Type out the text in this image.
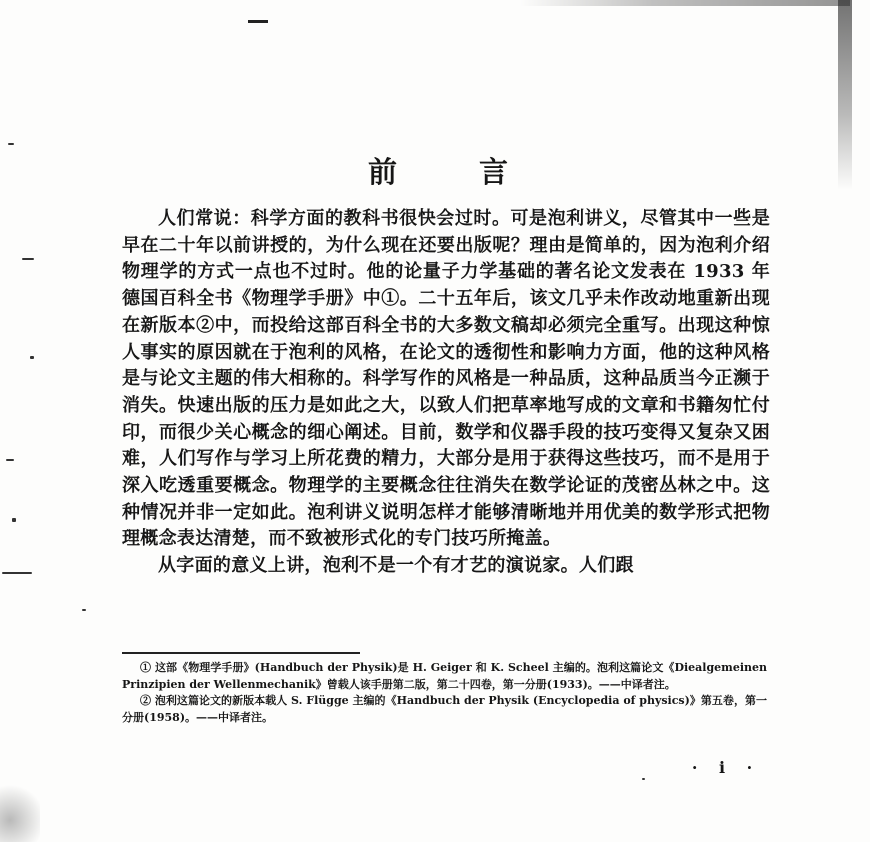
前	言

人们常说：科学方面的教科书很快会过时。可是泡利讲义，尽管其中一些是早在二十年以前讲授的，为什么现在还要出版呢？理由是简单的，因为泡利介绍物理学的方式一点也不过时。他的论量子力学基础的著名论文发表在 1933 年德国百科全书《物理学手册》中①。二十五年后，该文几乎未作改动地重新出现在新版本②中，而投给这部百科全书的大多数文稿却必须完全重写。出现这种惊人事实的原因就在于泡利的风格，在论文的透彻性和影响力方面，他的这种风格是与论文主题的伟大相称的。科学写作的风格是一种品质，这种品质当今正濒于消失。快速出版的压力是如此之大，以致人们把草率地写成的文章和书籍匆忙付印，而很少关心概念的细心阐述。目前，数学和仪器手段的技巧变得又复杂又困难，人们写作与学习上所花费的精力，大部分是用于获得这些技巧，而不是用于深入吃透重要概念。物理学的主要概念往往消失在数学论证的茂密丛林之中。这种情况并非一定如此。泡利讲义说明怎样才能够清晰地并用优美的数学形式把物理概念表达清楚，而不致被形式化的专门技巧所掩盖。

从字面的意义上讲，泡利不是一个有才艺的演说家。人们跟

① 这部《物理学手册》(Handbuch der Physik)是 H. Geiger 和 K. Scheel 主编的。泡利这篇论文《Diealgemeinen Prinzipien der Wellenmechanik》曾载人该手册第二版，第二十四卷，第一分册(1933)。——中译者注。

② 泡利这篇论文的新版本载人 S. Flügge 主编的《Handbuch der Physik (Encyclopedia of physics)》第五卷，第一分册(1958)。——中译者注。

· i ·
